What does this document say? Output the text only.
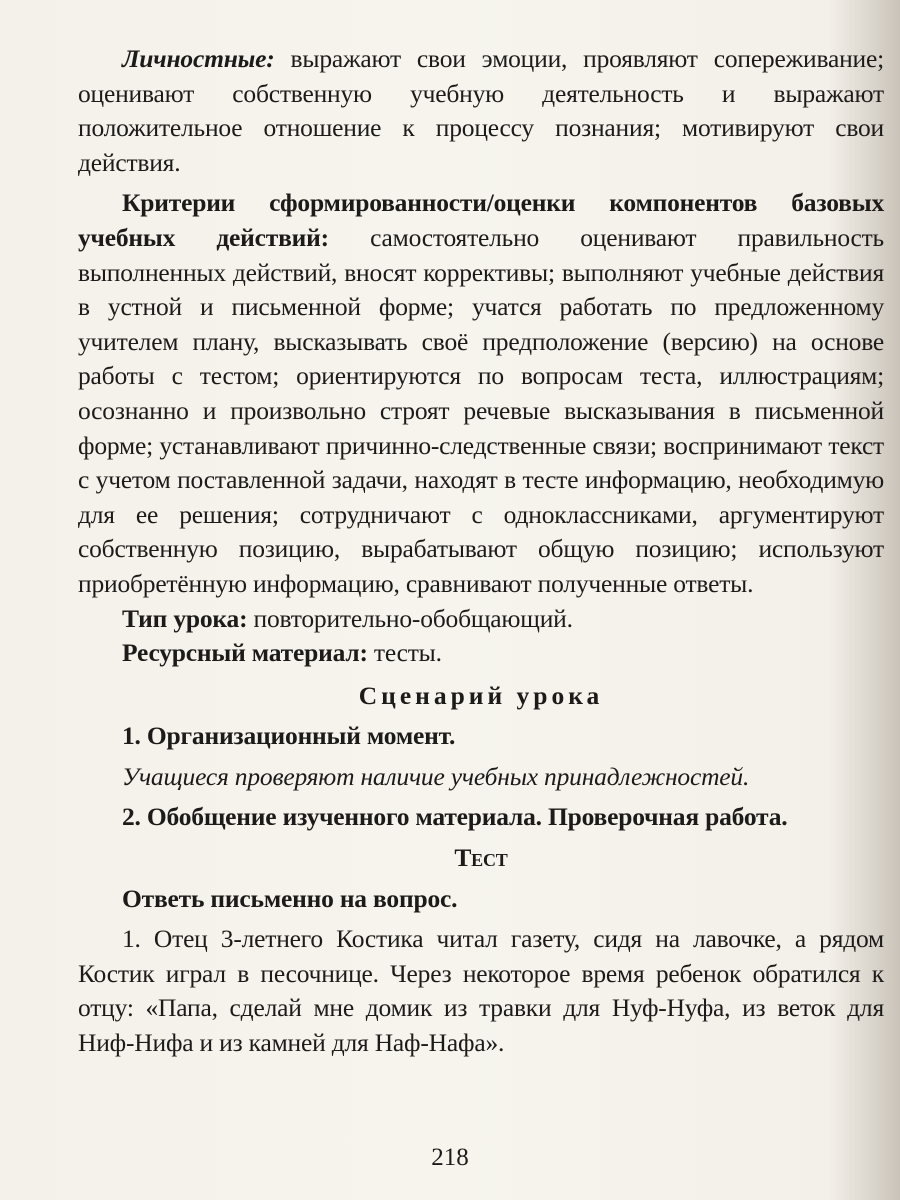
Личностные: выражают свои эмоции, проявляют сопереживание; оценивают собственную учебную деятельность и выражают положительное отношение к процессу познания; мотивируют свои действия.

Критерии сформированности/оценки компонентов базовых учебных действий: самостоятельно оценивают правильность выполненных действий, вносят коррективы; выполняют учебные действия в устной и письменной форме; учатся работать по предложенному учителем плану, высказывать своё предположение (версию) на основе работы с тестом; ориентируются по вопросам теста, иллюстрациям; осознанно и произвольно строят речевые высказывания в письменной форме; устанавливают причинно-следственные связи; воспринимают текст с учетом поставленной задачи, находят в тесте информацию, необходимую для ее решения; сотрудничают с одноклассниками, аргументируют собственную позицию, вырабатывают общую позицию; используют приобретённую информацию, сравнивают полученные ответы.

Тип урока: повторительно-обобщающий.

Ресурсный материал: тесты.

Сценарий урока

1. Организационный момент.

Учащиеся проверяют наличие учебных принадлежностей.

2. Обобщение изученного материала. Проверочная работа.

Тест

Ответь письменно на вопрос.

1. Отец 3-летнего Костика читал газету, сидя на лавочке, а рядом Костик играл в песочнице. Через некоторое время ребенок обратился к отцу: «Папа, сделай мне домик из травки для Нуф-Нуфа, из веток для Ниф-Нифа и из камней для Наф-Нафа».

218
